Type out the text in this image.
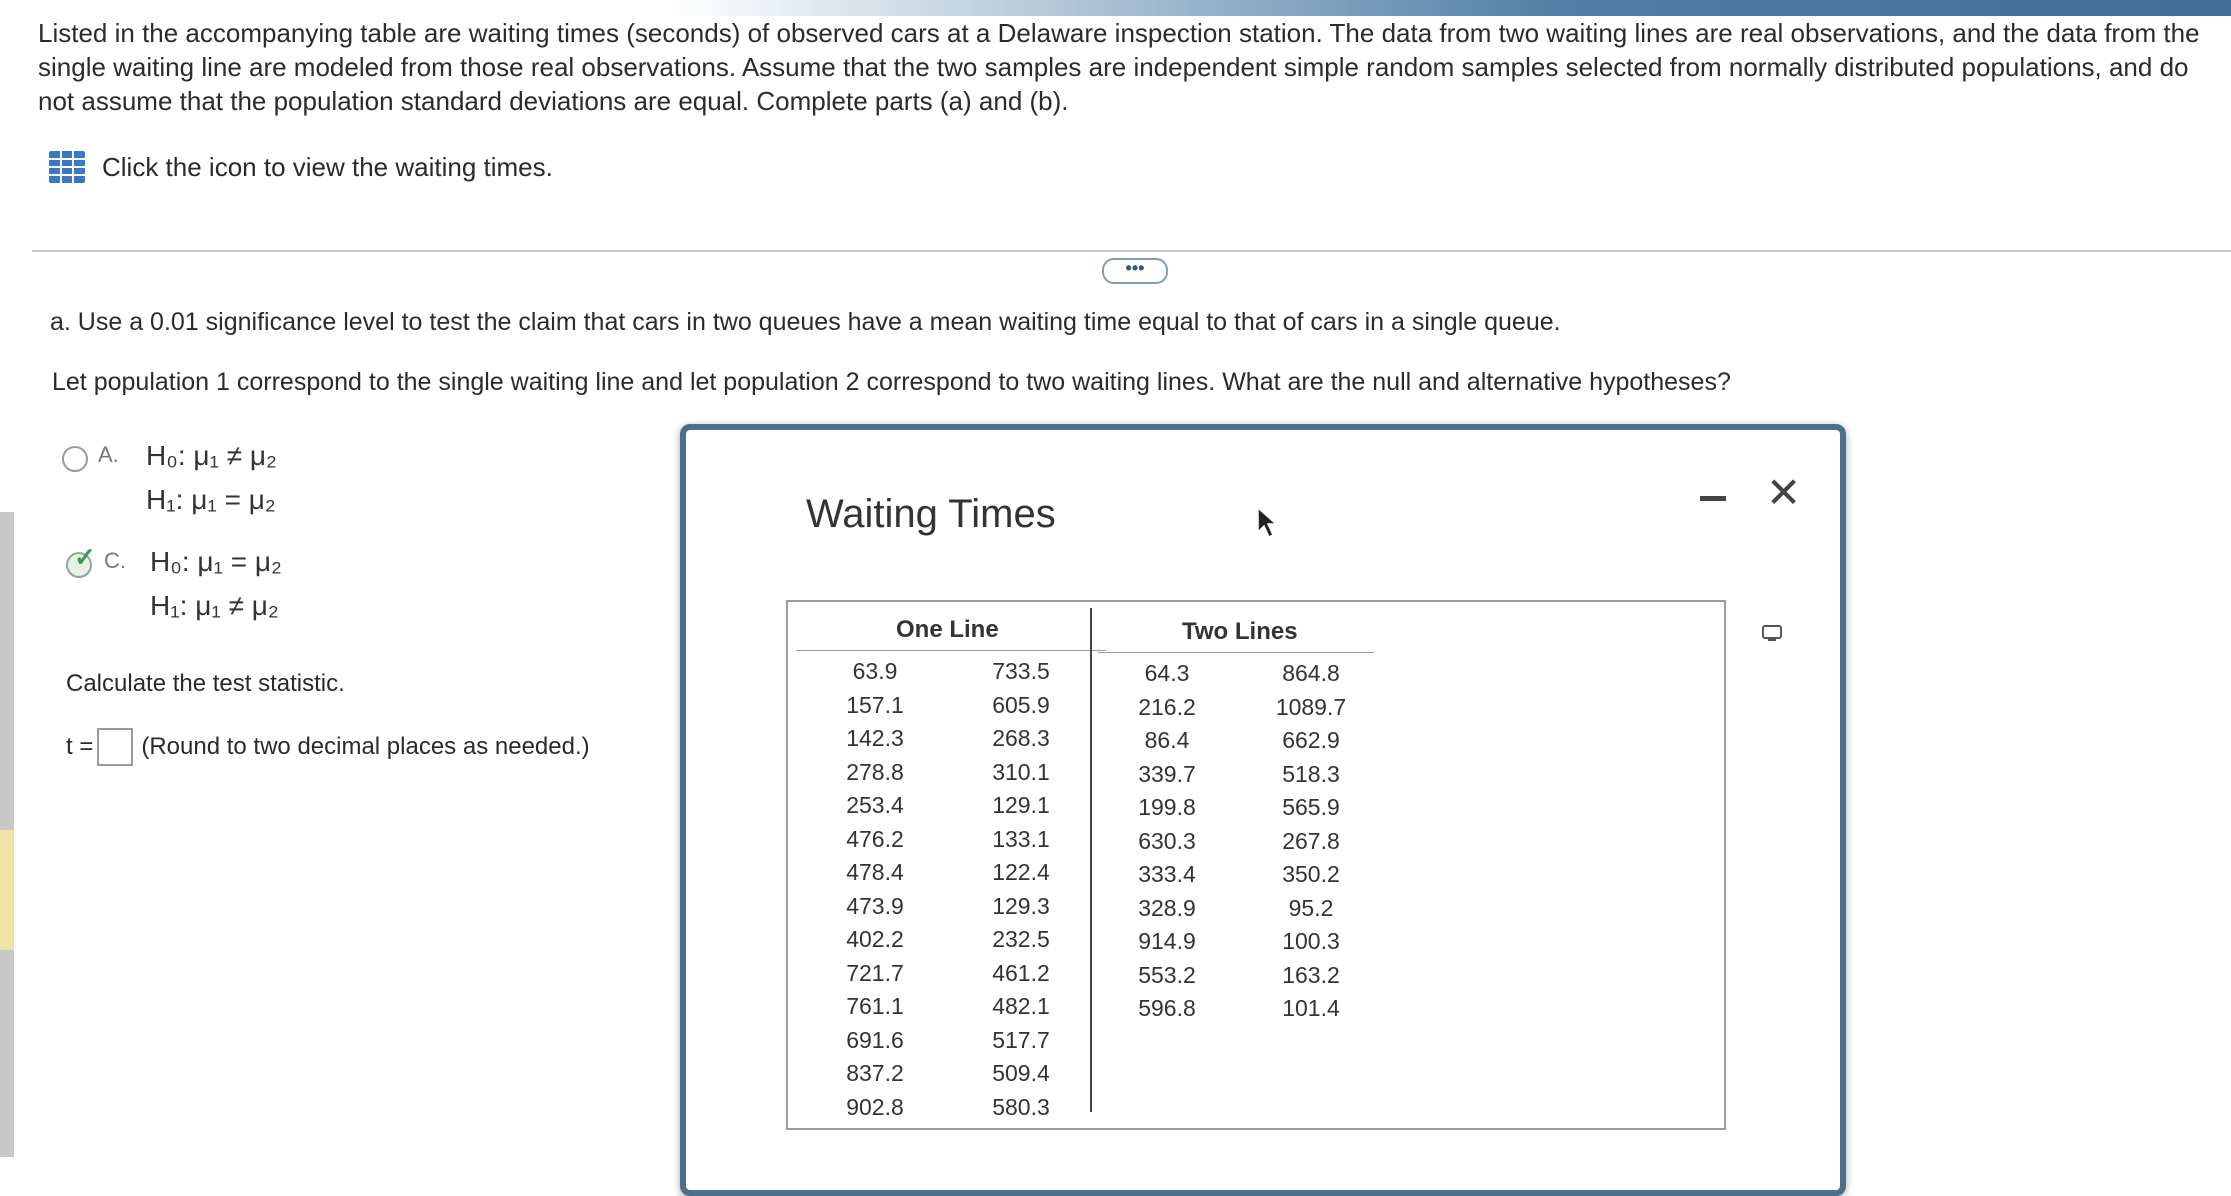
Listed in the accompanying table are waiting times (seconds) of observed cars at a Delaware inspection station. The data from two waiting lines are real observations, and the data from the single waiting line are modeled from those real observations. Assume that the two samples are independent simple random samples selected from normally distributed populations, and do not assume that the population standard deviations are equal. Complete parts (a) and (b).
Click the icon to view the waiting times.
•••
a. Use a 0.01 significance level to test the claim that cars in two queues have a mean waiting time equal to that of cars in a single queue.
Let population 1 correspond to the single waiting line and let population 2 correspond to two waiting lines. What are the null and alternative hypotheses?
A. H₀: μ₁ ≠ μ₂
H₁: μ₁ = μ₂
✓ C. H₀: μ₁ = μ₂
H₁: μ₁ ≠ μ₂
Calculate the test statistic.
t = (Round to two decimal places as needed.)
Waiting Times	✕
One Line	Two Lines
63.9
157.1
142.3
278.8
253.4
476.2
478.4
473.9
402.2
721.7
761.1
691.6
837.2
902.8
733.5
605.9
268.3
310.1
129.1
133.1
122.4
129.3
232.5
461.2
482.1
517.7
509.4
580.3
64.3
216.2
86.4
339.7
199.8
630.3
333.4
328.9
914.9
553.2
596.8
864.8
1089.7
662.9
518.3
565.9
267.8
350.2
95.2
100.3
163.2
101.4
